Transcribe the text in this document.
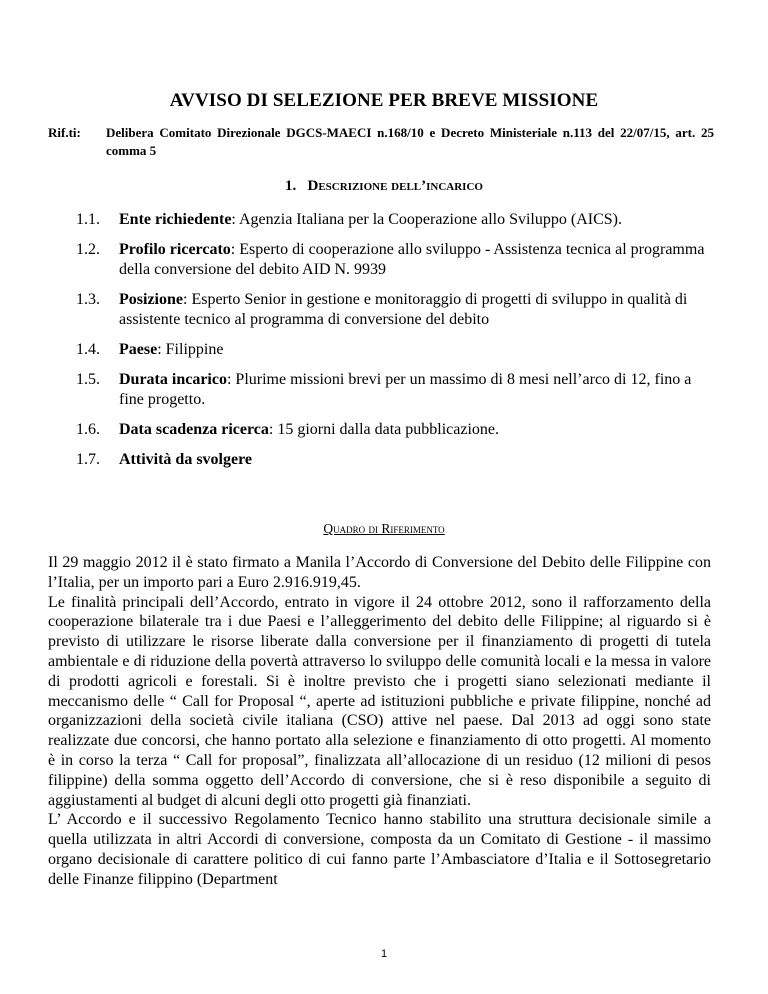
AVVISO DI SELEZIONE PER BREVE MISSIONE
Rif.ti: Delibera Comitato Direzionale DGCS-MAECI n.168/10 e Decreto Ministeriale n.113 del 22/07/15, art. 25 comma 5
1. Descrizione dell’incarico
1.1. Ente richiedente: Agenzia Italiana per la Cooperazione allo Sviluppo (AICS).
1.2. Profilo ricercato: Esperto di cooperazione allo sviluppo - Assistenza tecnica al programma della conversione del debito AID N. 9939
1.3. Posizione: Esperto Senior in gestione e monitoraggio di progetti di sviluppo in qualità di assistente tecnico al programma di conversione del debito
1.4. Paese: Filippine
1.5. Durata incarico: Plurime missioni brevi per un massimo di 8 mesi nell’arco di 12, fino a fine progetto.
1.6. Data scadenza ricerca: 15 giorni dalla data pubblicazione.
1.7. Attività da svolgere
Quadro di Riferimento

Il 29 maggio 2012 il è stato firmato a Manila l’Accordo di Conversione del Debito delle Filippine con l’Italia, per un importo pari a Euro 2.916.919,45.

Le finalità principali dell’Accordo, entrato in vigore il 24 ottobre 2012, sono il rafforzamento della cooperazione bilaterale tra i due Paesi e l’alleggerimento del debito delle Filippine; al riguardo si è previsto di utilizzare le risorse liberate dalla conversione per il finanziamento di progetti di tutela ambientale e di riduzione della povertà attraverso lo sviluppo delle comunità locali e la messa in valore di prodotti agricoli e forestali. Si è inoltre previsto che i progetti siano selezionati mediante il meccanismo delle “ Call for Proposal “, aperte ad istituzioni pubbliche e private filippine, nonché ad organizzazioni della società civile italiana (CSO) attive nel paese. Dal 2013 ad oggi sono state realizzate due concorsi, che hanno portato alla selezione e finanziamento di otto progetti. Al momento è in corso la terza “ Call for proposal”, finalizzata all’allocazione di un residuo (12 milioni di pesos filippine) della somma oggetto dell’Accordo di conversione, che si è reso disponibile a seguito di aggiustamenti al budget di alcuni degli otto progetti già finanziati.

L’ Accordo e il successivo Regolamento Tecnico hanno stabilito una struttura decisionale simile a quella utilizzata in altri Accordi di conversione, composta da un Comitato di Gestione - il massimo organo decisionale di carattere politico di cui fanno parte l’Ambasciatore d’Italia e il Sottosegretario delle Finanze filippino (Department

1
